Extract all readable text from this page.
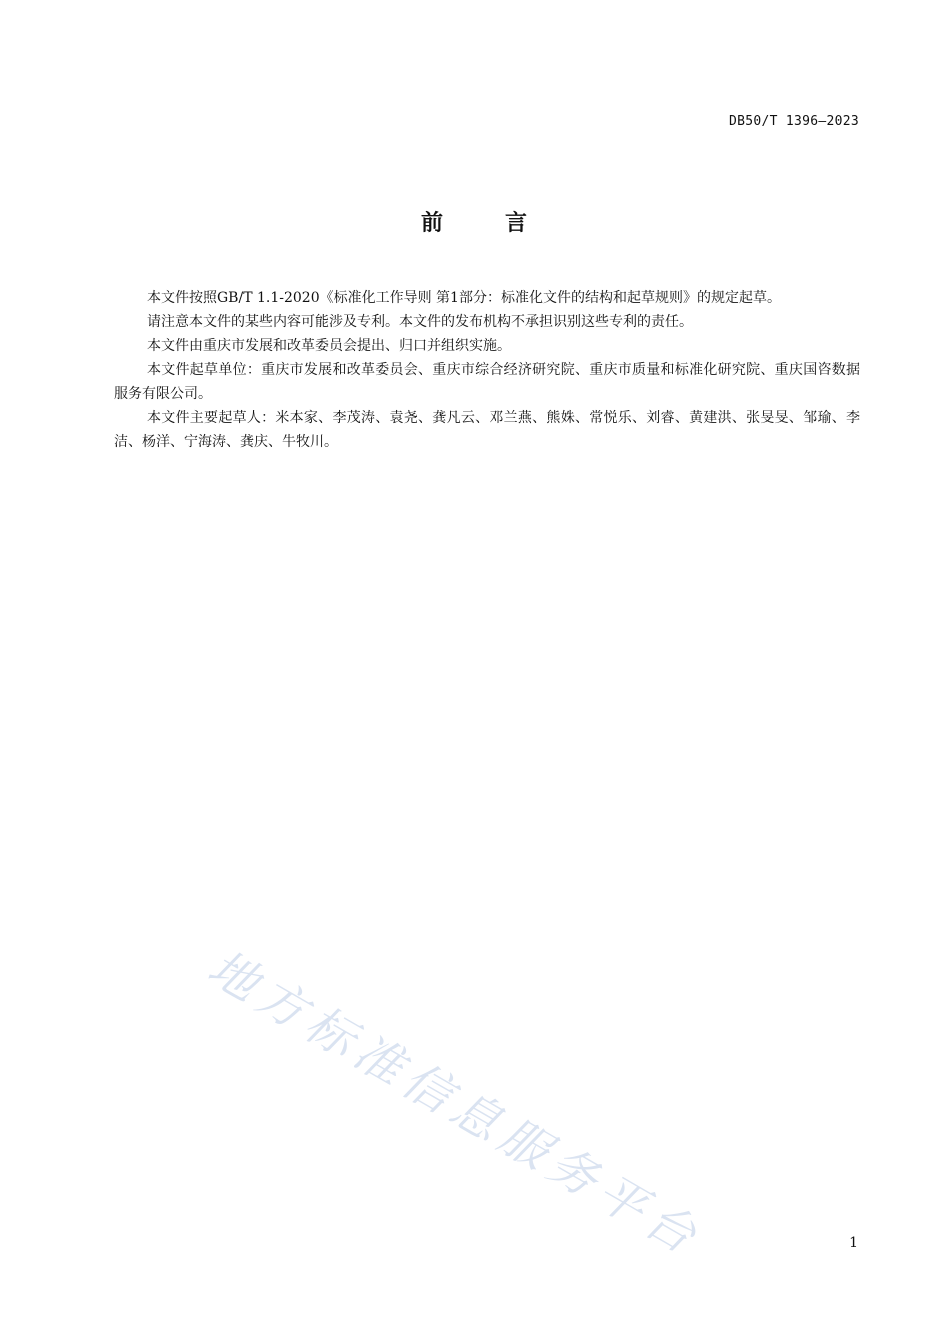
DB50/T 1396—2023
前	言

本文件按照GB/T 1.1-2020《标准化工作导则 第1部分：标准化文件的结构和起草规则》的规定起草。

请注意本文件的某些内容可能涉及专利。本文件的发布机构不承担识别这些专利的责任。

本文件由重庆市发展和改革委员会提出、归口并组织实施。

本文件起草单位：重庆市发展和改革委员会、重庆市综合经济研究院、重庆市质量和标准化研究院、重庆国咨数据服务有限公司。

本文件主要起草人：米本家、李茂涛、袁尧、龚凡云、邓兰燕、熊姝、常悦乐、刘睿、黄建洪、张旻旻、邹瑜、李洁、杨洋、宁海涛、龚庆、牛牧川。

地方标准信息服务平台	1
